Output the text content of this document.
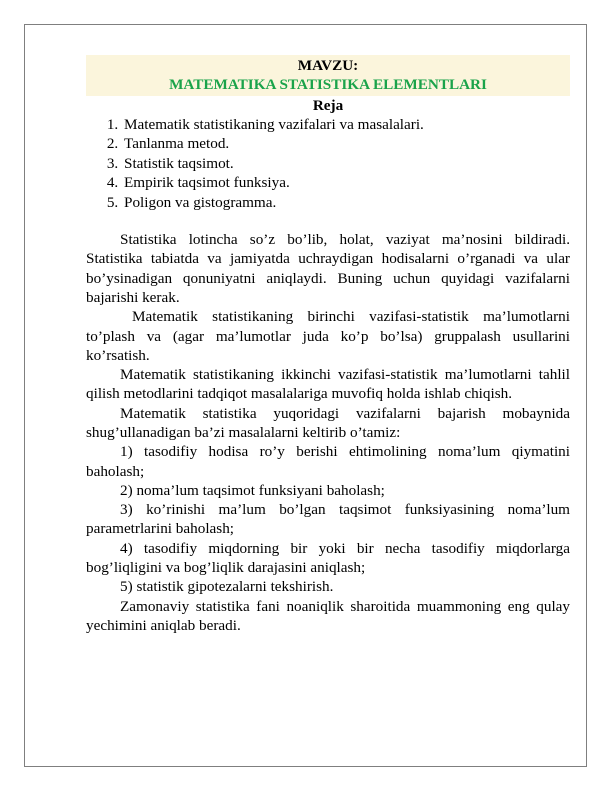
MAVZU:
MATEMATIKA STATISTIKA ELEMENTLARI
Reja
1. Matematik statistikaning vazifalari va masalalari.
2. Tanlanma metod.
3. Statistik taqsimot.
4. Empirik taqsimot funksiya.
5. Poligon va gistogramma.

Statistika lotincha so’z bo’lib, holat, vaziyat ma’nosini bildiradi. Statistika tabiatda va jamiyatda uchraydigan hodisalarni o’rganadi va ular bo’ysinadigan qonuniyatni aniqlaydi. Buning uchun quyidagi vazifalarni bajarishi kerak.

Matematik statistikaning birinchi vazifasi-statistik ma’lumotlarni to’plash va (agar ma’lumotlar juda ko’p bo’lsa) gruppalash usullarini ko’rsatish.

Matematik statistikaning ikkinchi vazifasi-statistik ma’lumotlarni tahlil qilish metodlarini tadqiqot masalalariga muvofiq holda ishlab chiqish.

Matematik statistika yuqoridagi vazifalarni bajarish mobaynida shug’ullanadigan ba’zi masalalarni keltirib o’tamiz:

1) tasodifiy hodisa ro’y berishi ehtimolining noma’lum qiymatini baholash;

2) noma’lum taqsimot funksiyani baholash;

3) ko’rinishi ma’lum bo’lgan taqsimot funksiyasining noma’lum parametrlarini baholash;

4) tasodifiy miqdorning bir yoki bir necha tasodifiy miqdorlarga bog’liqligini va bog’liqlik darajasini aniqlash;

5) statistik gipotezalarni tekshirish.

Zamonaviy statistika fani noaniqlik sharoitida muammoning eng qulay yechimini aniqlab beradi.
